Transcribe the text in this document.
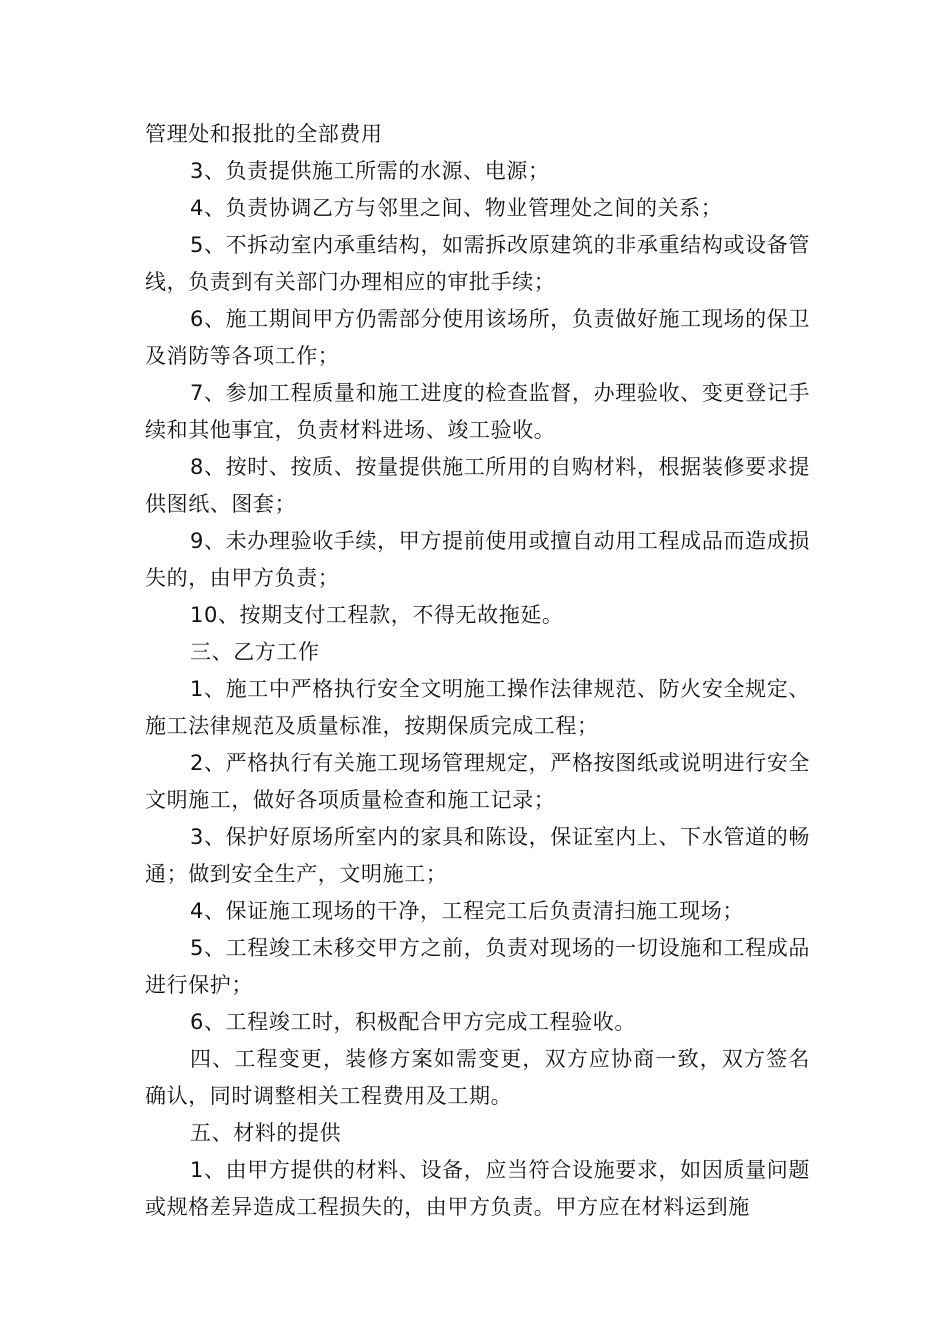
管理处和报批的全部费用

3、负责提供施工所需的水源、电源；

4、负责协调乙方与邻里之间、物业管理处之间的关系；

5、不拆动室内承重结构，如需拆改原建筑的非承重结构或设备管线，负责到有关部门办理相应的审批手续；

6、施工期间甲方仍需部分使用该场所，负责做好施工现场的保卫及消防等各项工作；

7、参加工程质量和施工进度的检查监督，办理验收、变更登记手续和其他事宜，负责材料进场、竣工验收。

8、按时、按质、按量提供施工所用的自购材料，根据装修要求提供图纸、图套；

9、未办理验收手续，甲方提前使用或擅自动用工程成品而造成损失的，由甲方负责；

10、按期支付工程款，不得无故拖延。

三、乙方工作

1、施工中严格执行安全文明施工操作法律规范、防火安全规定、施工法律规范及质量标准，按期保质完成工程；

2、严格执行有关施工现场管理规定，严格按图纸或说明进行安全文明施工，做好各项质量检查和施工记录；

3、保护好原场所室内的家具和陈设，保证室内上、下水管道的畅通；做到安全生产，文明施工；

4、保证施工现场的干净，工程完工后负责清扫施工现场；

5、工程竣工未移交甲方之前，负责对现场的一切设施和工程成品进行保护；

6、工程竣工时，积极配合甲方完成工程验收。

四、工程变更，装修方案如需变更，双方应协商一致，双方签名确认，同时调整相关工程费用及工期。

五、材料的提供

1、由甲方提供的材料、设备，应当符合设施要求，如因质量问题或规格差异造成工程损失的，由甲方负责。甲方应在材料运到施
